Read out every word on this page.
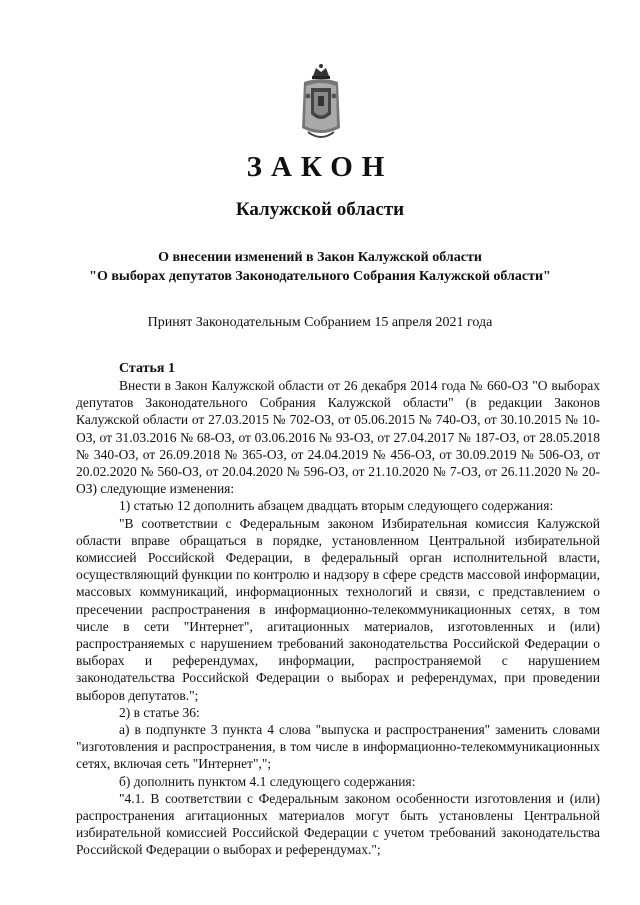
ЗАКОН
Калужской области
О внесении изменений в Закон Калужской области
"О выборах депутатов Законодательного Собрания Калужской области"
Принят Законодательным Собранием 15 апреля 2021 года
Статья 1

Внести в Закон Калужской области от 26 декабря 2014 года № 660-ОЗ "О выборах депутатов Законодательного Собрания Калужской области" (в редакции Законов Калужской области от 27.03.2015 № 702-ОЗ, от 05.06.2015 № 740-ОЗ, от 30.10.2015 № 10-ОЗ, от 31.03.2016 № 68-ОЗ, от 03.06.2016 № 93-ОЗ, от 27.04.2017 № 187-ОЗ, от 28.05.2018 № 340-ОЗ, от 26.09.2018 № 365-ОЗ, от 24.04.2019 № 456-ОЗ, от 30.09.2019 № 506-ОЗ, от 20.02.2020 № 560-ОЗ, от 20.04.2020 № 596-ОЗ, от 21.10.2020 № 7-ОЗ, от 26.11.2020 № 20-ОЗ) следующие изменения:

1) статью 12 дополнить абзацем двадцать вторым следующего содержания:

"В соответствии с Федеральным законом Избирательная комиссия Калужской области вправе обращаться в порядке, установленном Центральной избирательной комиссией Российской Федерации, в федеральный орган исполнительной власти, осуществляющий функции по контролю и надзору в сфере средств массовой информации, массовых коммуникаций, информационных технологий и связи, с представлением о пресечении распространения в информационно-телекоммуникационных сетях, в том числе в сети "Интернет", агитационных материалов, изготовленных и (или) распространяемых с нарушением требований законодательства Российской Федерации о выборах и референдумах, информации, распространяемой с нарушением законодательства Российской Федерации о выборах и референдумах, при проведении выборов депутатов.";

2) в статье 36:

а) в подпункте 3 пункта 4 слова "выпуска и распространения" заменить словами "изготовления и распространения, в том числе в информационно-телекоммуникационных сетях, включая сеть "Интернет",";

б) дополнить пунктом 4.1 следующего содержания:

"4.1. В соответствии с Федеральным законом особенности изготовления и (или) распространения агитационных материалов могут быть установлены Центральной избирательной комиссией Российской Федерации с учетом требований законодательства Российской Федерации о выборах и референдумах.";
